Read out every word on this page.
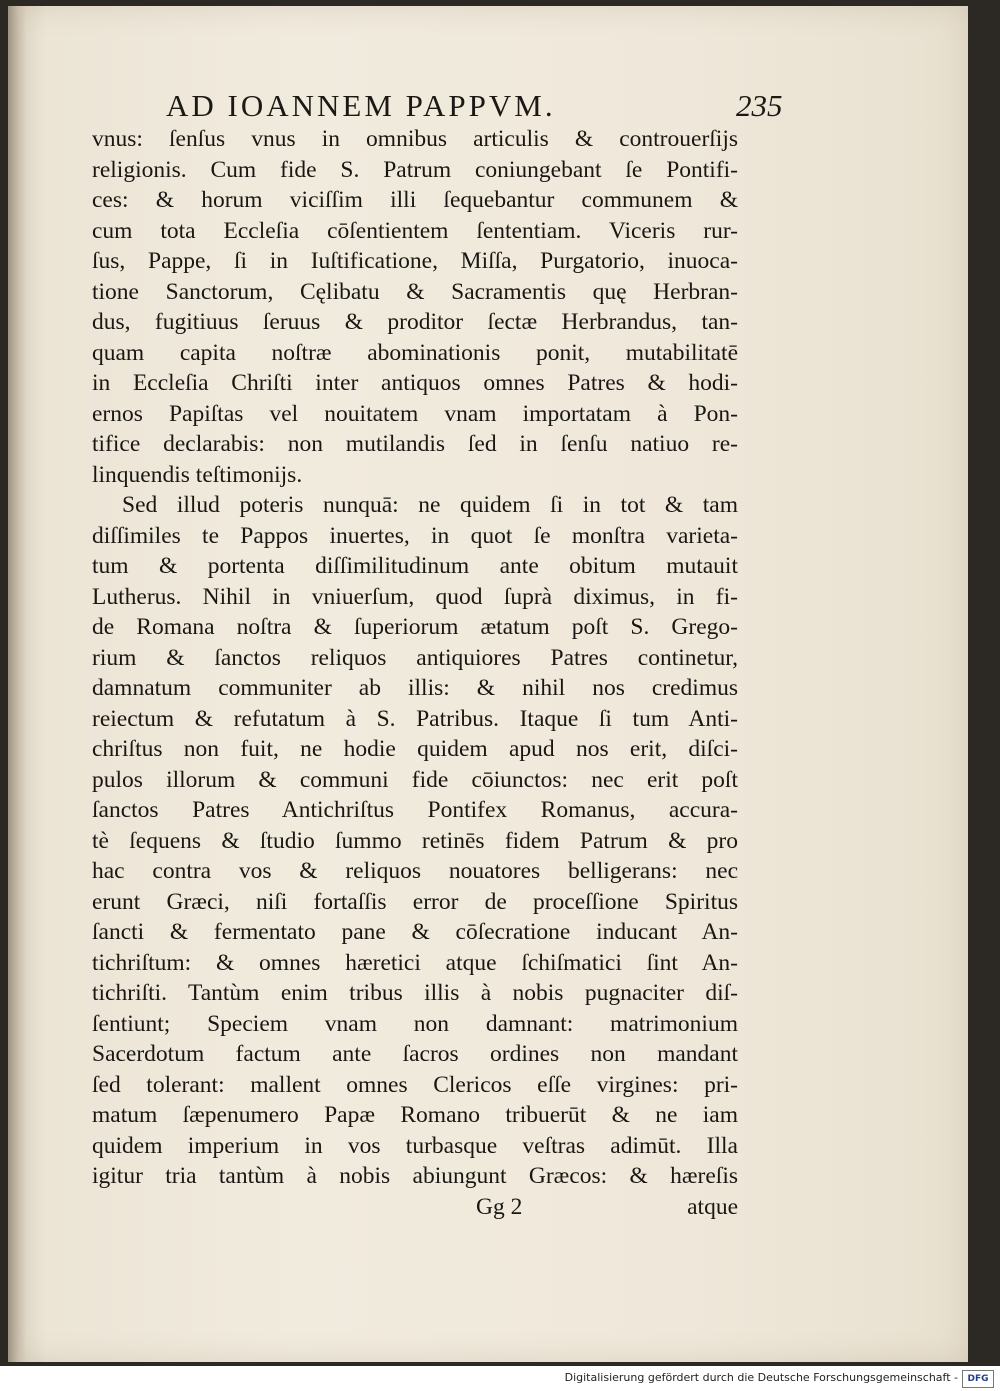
AD IOANNEM PAPPVM.	235
vnus: ſenſus vnus in omnibus articulis & controuerſijs
religionis. Cum fide S. Patrum coniungebant ſe Pontifi-
ces: & horum viciſſim illi ſequebantur communem &
cum tota Eccleſia cōſentientem ſententiam. Viceris rur-
ſus, Pappe, ſi in Iuſtificatione, Miſſa, Purgatorio, inuoca-
tione Sanctorum, Cęlibatu & Sacramentis quę Herbran-
dus, fugitiuus ſeruus & proditor ſectæ Herbrandus, tan-
quam capita noſtræ abominationis ponit, mutabilitatē
in Eccleſia Chriſti inter antiquos omnes Patres & hodi-
ernos Papiſtas vel nouitatem vnam importatam à Pon-
tifice declarabis: non mutilandis ſed in ſenſu natiuo re-
linquendis teſtimonijs.
Sed illud poteris nunquā: ne quidem ſi in tot & tam
diſſimiles te Pappos inuertes, in quot ſe monſtra varieta-
tum & portenta diſſimilitudinum ante obitum mutauit
Lutherus. Nihil in vniuerſum, quod ſuprà diximus, in fi-
de Romana noſtra & ſuperiorum ætatum poſt S. Grego-
rium & ſanctos reliquos antiquiores Patres continetur,
damnatum communiter ab illis: & nihil nos credimus
reiectum & refutatum à S. Patribus. Itaque ſi tum Anti-
chriſtus non fuit, ne hodie quidem apud nos erit, diſci-
pulos illorum & communi fide cōiunctos: nec erit poſt
ſanctos Patres Antichriſtus Pontifex Romanus, accura-
tè ſequens & ſtudio ſummo retinēs fidem Patrum & pro
hac contra vos & reliquos nouatores belligerans: nec
erunt Græci, niſi fortaſſis error de proceſſione Spiritus
ſancti & fermentato pane & cōſecratione inducant An-
tichriſtum: & omnes hæretici atque ſchiſmatici ſint An-
tichriſti. Tantùm enim tribus illis à nobis pugnaciter diſ-
ſentiunt; Speciem vnam non damnant: matrimonium
Sacerdotum factum ante ſacros ordines non mandant
ſed tolerant: mallent omnes Clericos eſſe virgines: pri-
matum ſæpenumero Papæ Romano tribuerūt & ne iam
quidem imperium in vos turbasque veſtras adimūt. Illa
igitur tria tantùm à nobis abiungunt Græcos: & hæreſis
Gg 2	atque
Digitalisierung gefördert durch die Deutsche Forschungsgemeinschaft -	DFG
